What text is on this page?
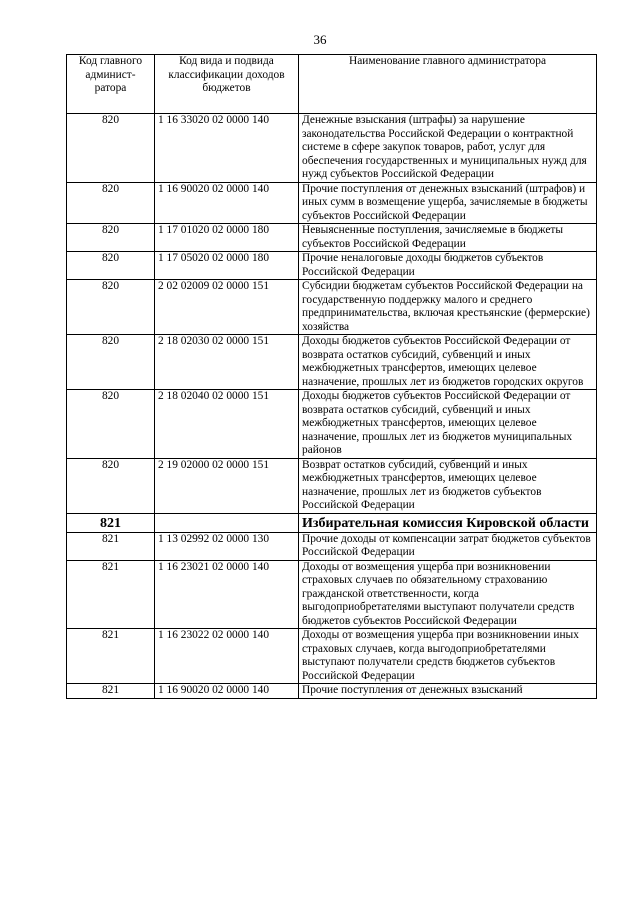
36
Код главного админист-ратора	Код вида и подвида классификации доходов бюджетов	Наименование главного администратора
820	1 16 33020 02 0000 140	Денежные взыскания (штрафы) за нарушение законодательства Российской Федерации о контрактной системе в сфере закупок товаров, работ, услуг для обеспечения государственных и муниципальных нужд для нужд субъектов Российской Федерации
820	1 16 90020 02 0000 140	Прочие поступления от денежных взысканий (штрафов) и иных сумм в возмещение ущерба, зачисляемые в бюджеты субъектов Российской Федерации
820	1 17 01020 02 0000 180	Невыясненные поступления, зачисляемые в бюджеты субъектов Российской Федерации
820	1 17 05020 02 0000 180	Прочие неналоговые доходы бюджетов субъектов Российской Федерации
820	2 02 02009 02 0000 151	Субсидии бюджетам субъектов Российской Федерации на государственную поддержку малого и среднего предпринимательства, включая крестьянские (фермерские) хозяйства
820	2 18 02030 02 0000 151	Доходы бюджетов субъектов Российской Федерации от возврата остатков субсидий, субвенций и иных межбюджетных трансфертов, имеющих целевое назначение, прошлых лет из бюджетов городских округов
820	2 18 02040 02 0000 151	Доходы бюджетов субъектов Российской Федерации от возврата остатков субсидий, субвенций и иных межбюджетных трансфертов, имеющих целевое назначение, прошлых лет из бюджетов муниципальных районов
820	2 19 02000 02 0000 151	Возврат остатков субсидий, субвенций и иных межбюджетных трансфертов, имеющих целевое назначение, прошлых лет из бюджетов субъектов Российской Федерации
821		Избирательная комиссия Кировской области
821	1 13 02992 02 0000 130	Прочие доходы от компенсации затрат бюджетов субъектов Российской Федерации
821	1 16 23021 02 0000 140	Доходы от возмещения ущерба при возникновении страховых случаев по обязательному страхованию гражданской ответственности, когда выгодоприобретателями выступают получатели средств бюджетов субъектов Российской Федерации
821	1 16 23022 02 0000 140	Доходы от возмещения ущерба при возникновении иных страховых случаев, когда выгодоприобретателями выступают получатели средств бюджетов субъектов Российской Федерации
821	1 16 90020 02 0000 140	Прочие поступления от денежных взысканий
